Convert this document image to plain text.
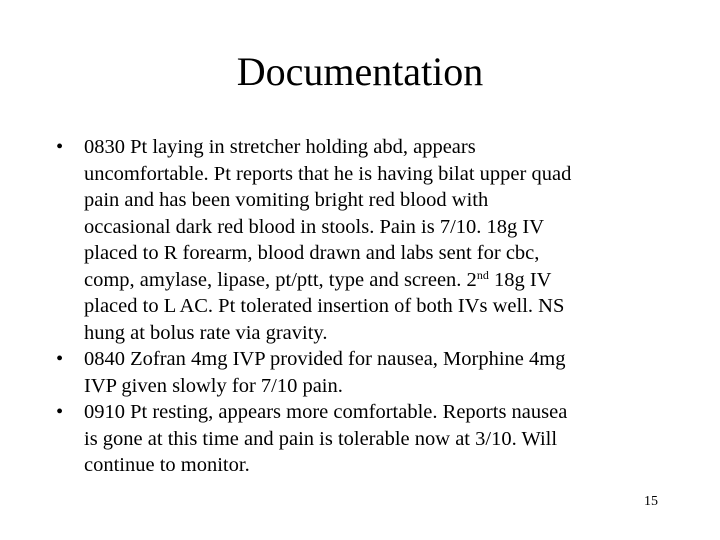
Documentation
• 0830 Pt laying in stretcher holding abd, appears
uncomfortable. Pt reports that he is having bilat upper quad
pain and has been vomiting bright red blood with
occasional dark red blood in stools. Pain is 7/10. 18g IV
placed to R forearm, blood drawn and labs sent for cbc,
comp, amylase, lipase, pt/ptt, type and screen. 2nd 18g IV
placed to L AC. Pt tolerated insertion of both IVs well. NS
hung at bolus rate via gravity.
• 0840 Zofran 4mg IVP provided for nausea, Morphine 4mg
IVP given slowly for 7/10 pain.
• 0910 Pt resting, appears more comfortable. Reports nausea
is gone at this time and pain is tolerable now at 3/10. Will
continue to monitor.
15
